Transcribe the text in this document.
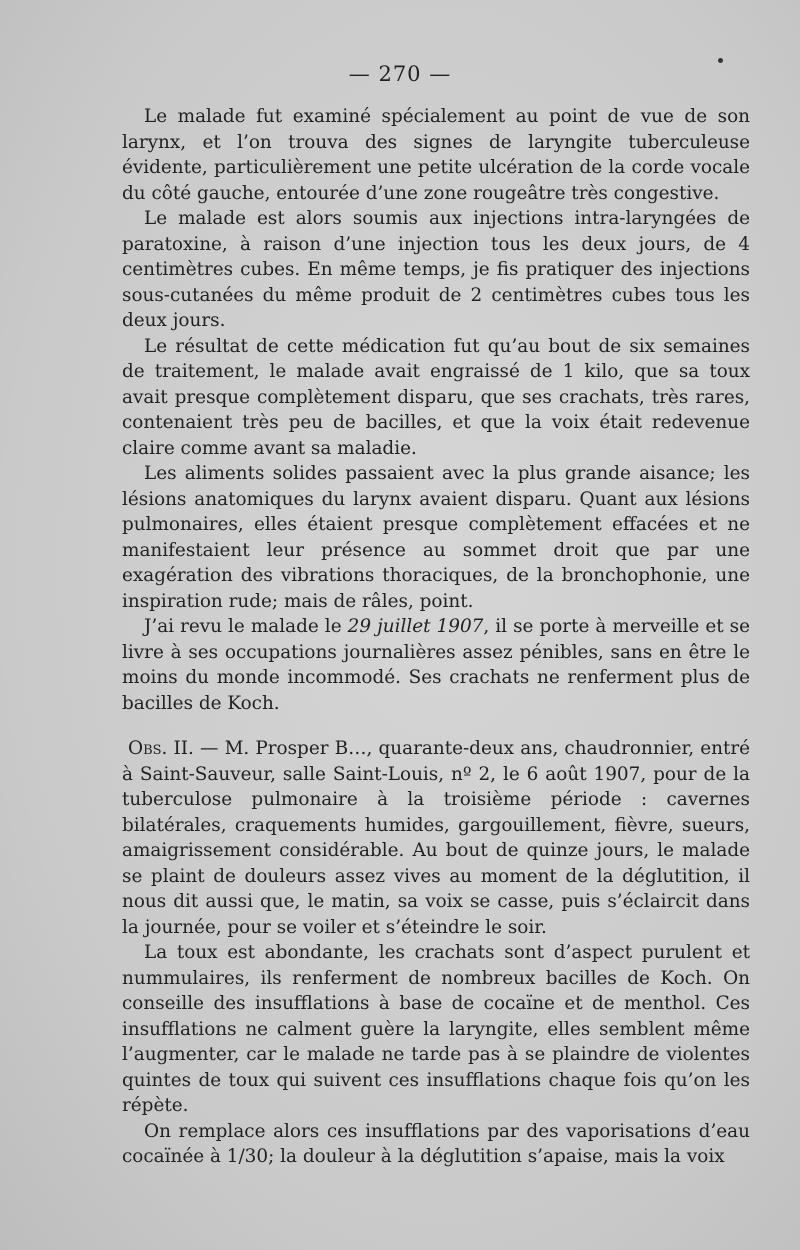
— 270 —

Le malade fut examiné spécialement au point de vue de son larynx, et l’on trouva des signes de laryngite tuberculeuse évidente, particulièrement une petite ulcération de la corde vocale du côté gauche, entourée d’une zone rougeâtre très congestive.

Le malade est alors soumis aux injections intra-laryngées de paratoxine, à raison d’une injection tous les deux jours, de 4 centimètres cubes. En même temps, je fis pratiquer des injections sous-cutanées du même produit de 2 centimètres cubes tous les deux jours.

Le résultat de cette médication fut qu’au bout de six semaines de traitement, le malade avait engraissé de 1 kilo, que sa toux avait presque complètement disparu, que ses crachats, très rares, contenaient très peu de bacilles, et que la voix était redevenue claire comme avant sa maladie.

Les aliments solides passaient avec la plus grande aisance; les lésions anatomiques du larynx avaient disparu. Quant aux lésions pulmonaires, elles étaient presque complètement effacées et ne manifestaient leur présence au sommet droit que par une exagération des vibrations thoraciques, de la bronchophonie, une inspiration rude; mais de râles, point.

J’ai revu le malade le 29 juillet 1907, il se porte à merveille et se livre à ses occupations journalières assez pénibles, sans en être le moins du monde incommodé. Ses crachats ne renferment plus de bacilles de Koch.

Obs. II. — M. Prosper B…, quarante-deux ans, chaudronnier, entré à Saint-Sauveur, salle Saint-Louis, nº 2, le 6 août 1907, pour de la tuberculose pulmonaire à la troisième période : cavernes bilatérales, craquements humides, gargouillement, fièvre, sueurs, amaigrissement considérable. Au bout de quinze jours, le malade se plaint de douleurs assez vives au moment de la déglutition, il nous dit aussi que, le matin, sa voix se casse, puis s’éclaircit dans la journée, pour se voiler et s’éteindre le soir.

La toux est abondante, les crachats sont d’aspect purulent et nummulaires, ils renferment de nombreux bacilles de Koch. On conseille des insufflations à base de cocaïne et de menthol. Ces insufflations ne calment guère la laryngite, elles semblent même l’augmenter, car le malade ne tarde pas à se plaindre de violentes quintes de toux qui suivent ces insufflations chaque fois qu’on les répète.

On remplace alors ces insufflations par des vaporisations d’eau cocaïnée à 1/30; la douleur à la déglutition s’apaise, mais la voix
